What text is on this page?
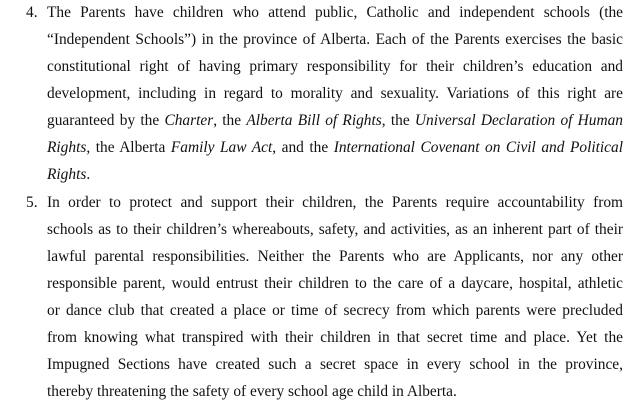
4. The Parents have children who attend public, Catholic and independent schools (the
“Independent Schools”) in the province of Alberta. Each of the Parents exercises the basic
constitutional right of having primary responsibility for their children’s education and
development, including in regard to morality and sexuality. Variations of this right are
guaranteed by the Charter, the Alberta Bill of Rights, the Universal Declaration of Human
Rights, the Alberta Family Law Act, and the International Covenant on Civil and Political
Rights.
5. In order to protect and support their children, the Parents require accountability from
schools as to their children’s whereabouts, safety, and activities, as an inherent part of their
lawful parental responsibilities. Neither the Parents who are Applicants, nor any other
responsible parent, would entrust their children to the care of a daycare, hospital, athletic
or dance club that created a place or time of secrecy from which parents were precluded
from knowing what transpired with their children in that secret time and place. Yet the
Impugned Sections have created such a secret space in every school in the province,
thereby threatening the safety of every school age child in Alberta.
